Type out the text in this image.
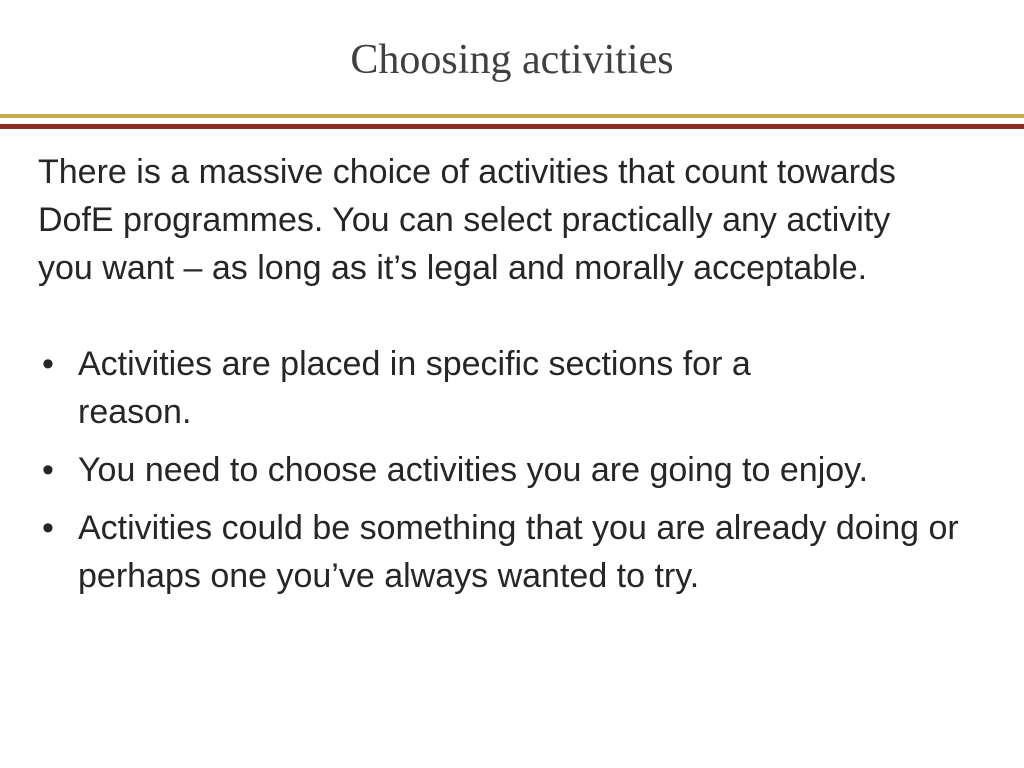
Choosing activities

There is a massive choice of activities that count towards DofE programmes. You can select practically any activity you want – as long as it’s legal and morally acceptable.

• Activities are placed in specific sections for a reason.
• You need to choose activities you are going to enjoy.
• Activities could be something that you are already doing or perhaps one you’ve always wanted to try.
